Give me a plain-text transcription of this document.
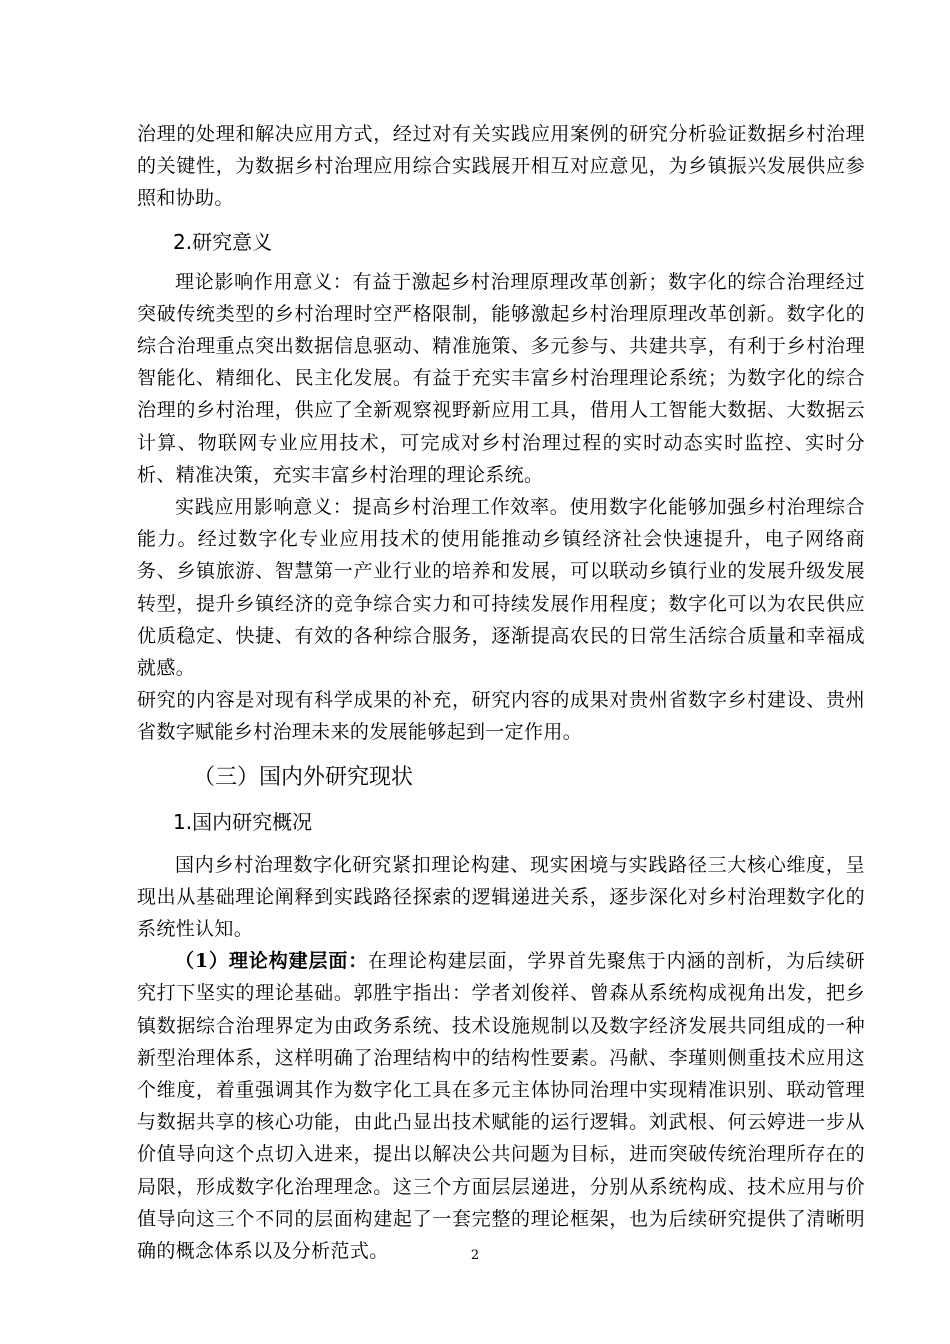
治理的处理和解决应用方式，经过对有关实践应用案例的研究分析验证数据乡村治理的关键性，为数据乡村治理应用综合实践展开相互对应意见，为乡镇振兴发展供应参照和协助。

2.研究意义

理论影响作用意义：有益于激起乡村治理原理改革创新；数字化的综合治理经过突破传统类型的乡村治理时空严格限制，能够激起乡村治理原理改革创新。数字化的综合治理重点突出数据信息驱动、精准施策、多元参与、共建共享，有利于乡村治理智能化、精细化、民主化发展。有益于充实丰富乡村治理理论系统；为数字化的综合治理的乡村治理，供应了全新观察视野新应用工具，借用人工智能大数据、大数据云计算、物联网专业应用技术，可完成对乡村治理过程的实时动态实时监控、实时分析、精准决策，充实丰富乡村治理的理论系统。

实践应用影响意义：提高乡村治理工作效率。使用数字化能够加强乡村治理综合能力。经过数字化专业应用技术的使用能推动乡镇经济社会快速提升，电子网络商务、乡镇旅游、智慧第一产业行业的培养和发展，可以联动乡镇行业的发展升级发展转型，提升乡镇经济的竞争综合实力和可持续发展作用程度；数字化可以为农民供应优质稳定、快捷、有效的各种综合服务，逐渐提高农民的日常生活综合质量和幸福成就感。

研究的内容是对现有科学成果的补充，研究内容的成果对贵州省数字乡村建设、贵州省数字赋能乡村治理未来的发展能够起到一定作用。

（三）国内外研究现状
1.国内研究概况

国内乡村治理数字化研究紧扣理论构建、现实困境与实践路径三大核心维度，呈现出从基础理论阐释到实践路径探索的逻辑递进关系，逐步深化对乡村治理数字化的系统性认知。

（1）理论构建层面：在理论构建层面，学界首先聚焦于内涵的剖析，为后续研究打下坚实的理论基础。郭胜宇指出：学者刘俊祥、曾森从系统构成视角出发，把乡镇数据综合治理界定为由政务系统、技术设施规制以及数字经济发展共同组成的一种新型治理体系，这样明确了治理结构中的结构性要素。冯献、李瑾则侧重技术应用这个维度，着重强调其作为数字化工具在多元主体协同治理中实现精准识别、联动管理与数据共享的核心功能，由此凸显出技术赋能的运行逻辑。刘武根、何云婷进一步从价值导向这个点切入进来，提出以解决公共问题为目标，进而突破传统治理所存在的局限，形成数字化治理理念。这三个方面层层递进，分别从系统构成、技术应用与价值导向这三个不同的层面构建起了一套完整的理论框架，也为后续研究提供了清晰明确的概念体系以及分析范式。	2
